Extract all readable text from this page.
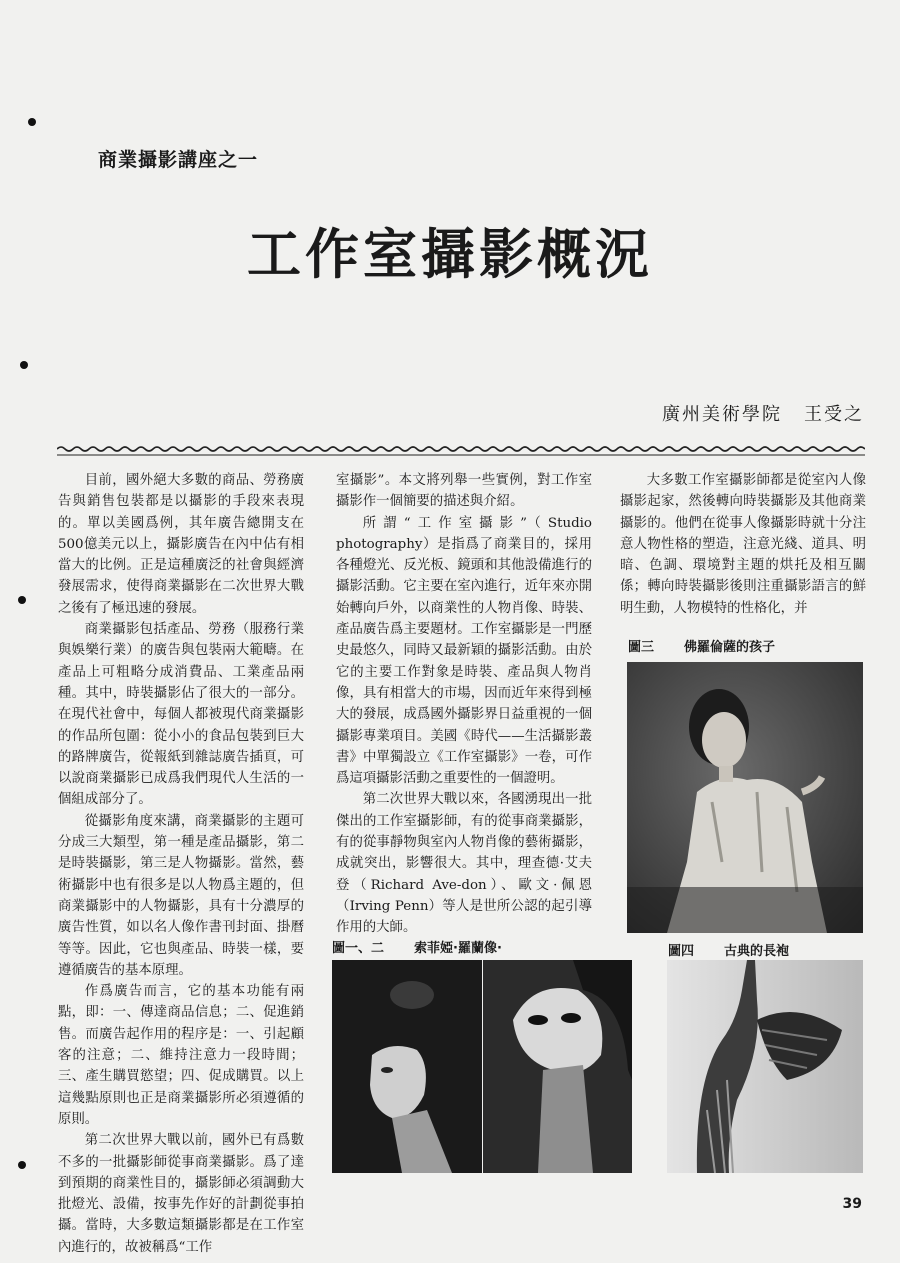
商業攝影講座之一
工作室攝影概況

廣州美術學院 王受之

目前，國外絕大多數的商品、勞務廣告與銷售包裝都是以攝影的手段來表現的。單以美國爲例，其年廣告總開支在500億美元以上，攝影廣告在內中佔有相當大的比例。正是這種廣泛的社會與經濟發展需求，使得商業攝影在二次世界大戰之後有了極迅速的發展。

商業攝影包括產品、勞務（服務行業與娛樂行業）的廣告與包裝兩大範疇。在產品上可粗略分成消費品、工業產品兩種。其中，時裝攝影佔了很大的一部分。在現代社會中，每個人都被現代商業攝影的作品所包圍：從小小的食品包裝到巨大的路牌廣告，從報紙到雜誌廣告插頁，可以說商業攝影已成爲我們現代人生活的一個組成部分了。

從攝影角度來講，商業攝影的主題可分成三大類型，第一種是產品攝影，第二是時裝攝影，第三是人物攝影。當然，藝術攝影中也有很多是以人物爲主題的，但商業攝影中的人物攝影，具有十分濃厚的廣告性質，如以名人像作書刊封面、掛曆等等。因此，它也與產品、時裝一樣，要遵循廣告的基本原理。

作爲廣告而言，它的基本功能有兩點，即：一、傳達商品信息；二、促進銷售。而廣告起作用的程序是：一、引起顧客的注意；二、維持注意力一段時間；三、產生購買慾望；四、促成購買。以上這幾點原則也正是商業攝影所必須遵循的原則。

第二次世界大戰以前，國外已有爲數不多的一批攝影師從事商業攝影。爲了達到預期的商業性目的，攝影師必須調動大批燈光、設備，按事先作好的計劃從事拍攝。當時，大多數這類攝影都是在工作室內進行的，故被稱爲“工作

室攝影”。本文將列舉一些實例，對工作室攝影作一個簡要的描述與介紹。

所謂“工作室攝影”（Studio photography）是指爲了商業目的，採用各種燈光、反光板、鏡頭和其他設備進行的攝影活動。它主要在室內進行，近年來亦開始轉向戶外，以商業性的人物肖像、時裝、產品廣告爲主要題材。工作室攝影是一門歷史最悠久，同時又最新穎的攝影活動。由於它的主要工作對象是時裝、產品與人物肖像，具有相當大的市場，因而近年來得到極大的發展，成爲國外攝影界日益重視的一個攝影專業項目。美國《時代——生活攝影叢書》中單獨設立《工作室攝影》一卷，可作爲這項攝影活動之重要性的一個證明。

第二次世界大戰以來，各國湧現出一批傑出的工作室攝影師，有的從事商業攝影，有的從事靜物與室內人物肖像的藝術攝影，成就突出，影響很大。其中，理查德·艾夫登（Richard Ave-don）、歐文·佩恩（Irving Penn）等人是世所公認的起引導作用的大師。

大多數工作室攝影師都是從室內人像攝影起家，然後轉向時裝攝影及其他商業攝影的。他們在從事人像攝影時就十分注意人物性格的塑造，注意光綫、道具、明暗、色調、環境對主題的烘托及相互關係；轉向時裝攝影後則注重攝影語言的鮮明生動，人物模特的性格化，并

圖三 佛羅倫薩的孩子

圖一、二 索菲婭·羅蘭像·	圖四 古典的長袍

39
